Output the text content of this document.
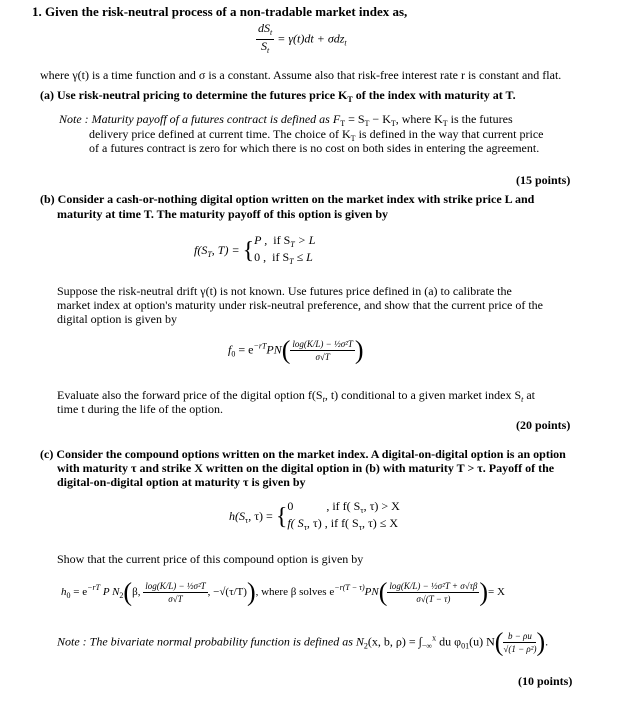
1. Given the risk-neutral process of a non-tradable market index as,
$\frac{dS_t}{S_t} = \gamma(t)dt + \sigma dz_t$
where γ(t) is a time function and σ is a constant. Assume also that risk-free interest rate r is constant and flat.
(a) Use risk-neutral pricing to determine the futures price $K_T$ of the index with maturity at T.
Note : Maturity payoff of a futures contract is defined as $F_T = S_T - K_T$, where $K_T$ is the futures
delivery price defined at current time. The choice of $K_T$ is defined in the way that current price
of a futures contract is zero for which there is no cost on both sides in entering the agreement.
(15 points)
(b) Consider a cash-or-nothing digital option written on the market index with strike price L and
maturity at time T. The maturity payoff of this option is given by
$f(S_T$, T) = { P , if $S_T > L$
0 , if $S_T \le L$
Suppose the risk-neutral drift γ(t) is not known. Use futures price defined in (a) to calibrate the
market index at option's maturity under risk-neutral preference, and show that the current price of the
digital option is given by
$f_0 = e^{-rT}PN( \frac{\text{log(K/L) − ½σ²T}}{\sigma√T}$ )
Evaluate also the forward price of the digital option $f(S_t$, t) conditional to a given market index $S_t$ at
time t during the life of the option.
(20 points)
(c) Consider the compound options written on the market index. A digital-on-digital option is an option
with maturity τ and strike X written on the digital option in (b) with maturity T > τ. Payoff of the
digital-on-digital option at maturity τ is given by
$h(S_\tau$, τ) = { 0	, if f( $S_\tau$, τ) > X
f( $S_\tau$, τ) , if f( $S_\tau$, τ) ≤ X
Show that the current price of this compound option is given by
$h_0 = e^{-rT}$ P $N_2(\beta$, $\frac{\text{log(K/L) − ½σ²T}}{\sigma√T}$ , −√(τ/T)), where β solves $e^{-r(T - \tau)}PN( \frac{\text{log(K/L) − ½σ²T + σ√τβ}}{\sigma√(T - \tau)}$ )= X
Note : The bivariate normal probability function is defined as $N_2(x$, b, $\rho) = \int_{-\infty}^x$ du $\varphi_{01}(u)$ $N( \frac{b - \rho u}{\text{√(1 − ρ²)}}$ ).
(10 points)
